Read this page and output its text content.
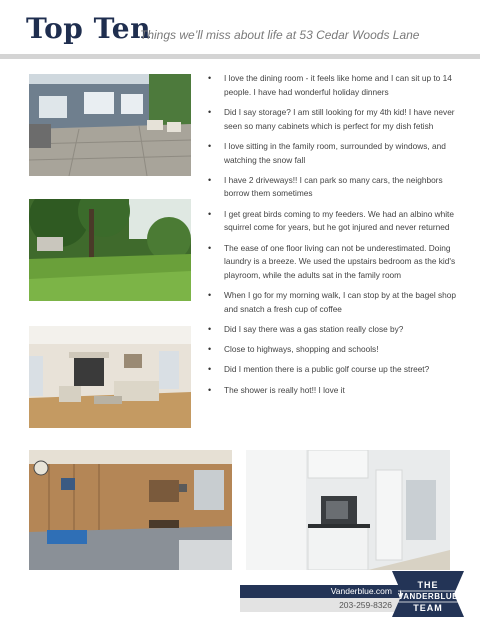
Top Ten
Things we’ll miss about life at 53 Cedar Woods Lane
• I love the dining room - it feels like home and I can sit up to 14 people. I have had wonderful holiday dinners
• Did I say storage? I am still looking for my 4th kid! I have never seen so many cabinets which is perfect for my dish fetish
• I love sitting in the family room, surrounded by windows, and watching the snow fall
• I have 2 driveways!! I can park so many cars, the neighbors borrow them sometimes
• I get great birds coming to my feeders. We had an albino white squirrel come for years, but he got injured and never returned
• The ease of one floor living can not be underestimated. Doing laundry is a breeze. We used the upstairs bedroom as the kid's playroom, while the adults sat in the family room
• When I go for my morning walk, I can stop by at the bagel shop and snatch a fresh cup of coffee
• Did I say there was a gas station really close by?
• Close to highways, shopping and schools!
• Did I mention there is a public golf course up the street?
• The shower is really hot!! I love it
Vanderblue.com
203-259-8326
THE
VANDERBLUE
TEAM
